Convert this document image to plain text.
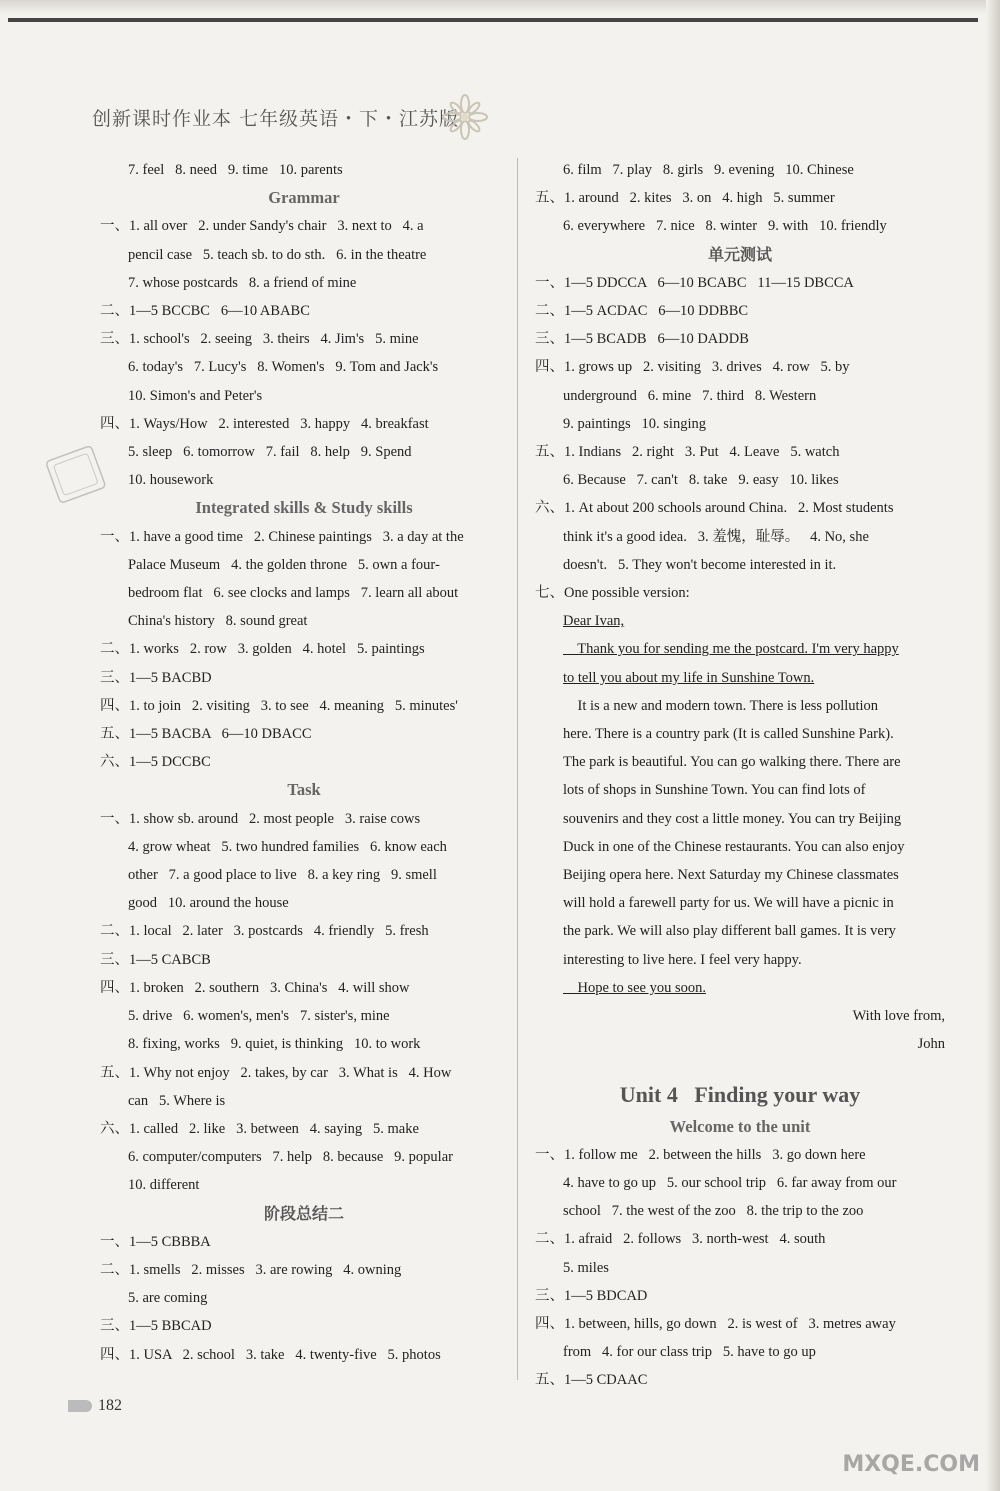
创新课时作业本 七年级英语・下・江苏版
7. feel   8. need   9. time   10. parents
Grammar
一、1. all over   2. under Sandy's chair   3. next to   4. a
pencil case   5. teach sb. to do sth.   6. in the theatre
7. whose postcards   8. a friend of mine
二、1—5 BCCBC   6—10 ABABC
三、1. school's   2. seeing   3. theirs   4. Jim's   5. mine
6. today's   7. Lucy's   8. Women's   9. Tom and Jack's
10. Simon's and Peter's
四、1. Ways/How   2. interested   3. happy   4. breakfast
5. sleep   6. tomorrow   7. fail   8. help   9. Spend
10. housework
Integrated skills & Study skills
一、1. have a good time   2. Chinese paintings   3. a day at the
Palace Museum   4. the golden throne   5. own a four-
bedroom flat   6. see clocks and lamps   7. learn all about
China's history   8. sound great
二、1. works   2. row   3. golden   4. hotel   5. paintings
三、1—5 BACBD
四、1. to join   2. visiting   3. to see   4. meaning   5. minutes'
五、1—5 BACBA   6—10 DBACC
六、1—5 DCCBC
Task
一、1. show sb. around   2. most people   3. raise cows
4. grow wheat   5. two hundred families   6. know each
other   7. a good place to live   8. a key ring   9. smell
good   10. around the house
二、1. local   2. later   3. postcards   4. friendly   5. fresh
三、1—5 CABCB
四、1. broken   2. southern   3. China's   4. will show
5. drive   6. women's, men's   7. sister's, mine
8. fixing, works   9. quiet, is thinking   10. to work
五、1. Why not enjoy   2. takes, by car   3. What is   4. How
can   5. Where is
六、1. called   2. like   3. between   4. saying   5. make
6. computer/computers   7. help   8. because   9. popular
10. different
阶段总结二
一、1—5 CBBBA
二、1. smells   2. misses   3. are rowing   4. owning
5. are coming
三、1—5 BBCAD
四、1. USA   2. school   3. take   4. twenty-five   5. photos
6. film   7. play   8. girls   9. evening   10. Chinese
五、1. around   2. kites   3. on   4. high   5. summer
6. everywhere   7. nice   8. winter   9. with   10. friendly
单元测试
一、1—5 DDCCA   6—10 BCABC   11—15 DBCCA
二、1—5 ACDAC   6—10 DDBBC
三、1—5 BCADB   6—10 DADDB
四、1. grows up   2. visiting   3. drives   4. row   5. by
underground   6. mine   7. third   8. Western
9. paintings   10. singing
五、1. Indians   2. right   3. Put   4. Leave   5. watch
6. Because   7. can't   8. take   9. easy   10. likes
六、1. At about 200 schools around China.   2. Most students
think it's a good idea.   3. 羞愧，耻辱。   4. No, she
doesn't.   5. They won't become interested in it.
七、One possible version:
Dear Ivan,
Thank you for sending me the postcard. I'm very happy
to tell you about my life in Sunshine Town.
It is a new and modern town. There is less pollution
here. There is a country park (It is called Sunshine Park).
The park is beautiful. You can go walking there. There are
lots of shops in Sunshine Town. You can find lots of
souvenirs and they cost a little money. You can try Beijing
Duck in one of the Chinese restaurants. You can also enjoy
Beijing opera here. Next Saturday my Chinese classmates
will hold a farewell party for us. We will have a picnic in
the park. We will also play different ball games. It is very
interesting to live here. I feel very happy.
Hope to see you soon.
With love from,
John
Unit 4   Finding your way
Welcome to the unit
一、1. follow me   2. between the hills   3. go down here
4. have to go up   5. our school trip   6. far away from our
school   7. the west of the zoo   8. the trip to the zoo
二、1. afraid   2. follows   3. north-west   4. south
5. miles
三、1—5 BDCAD
四、1. between, hills, go down   2. is west of   3. metres away
from   4. for our class trip   5. have to go up
五、1—5 CDAAC
182
MXQE.COM
